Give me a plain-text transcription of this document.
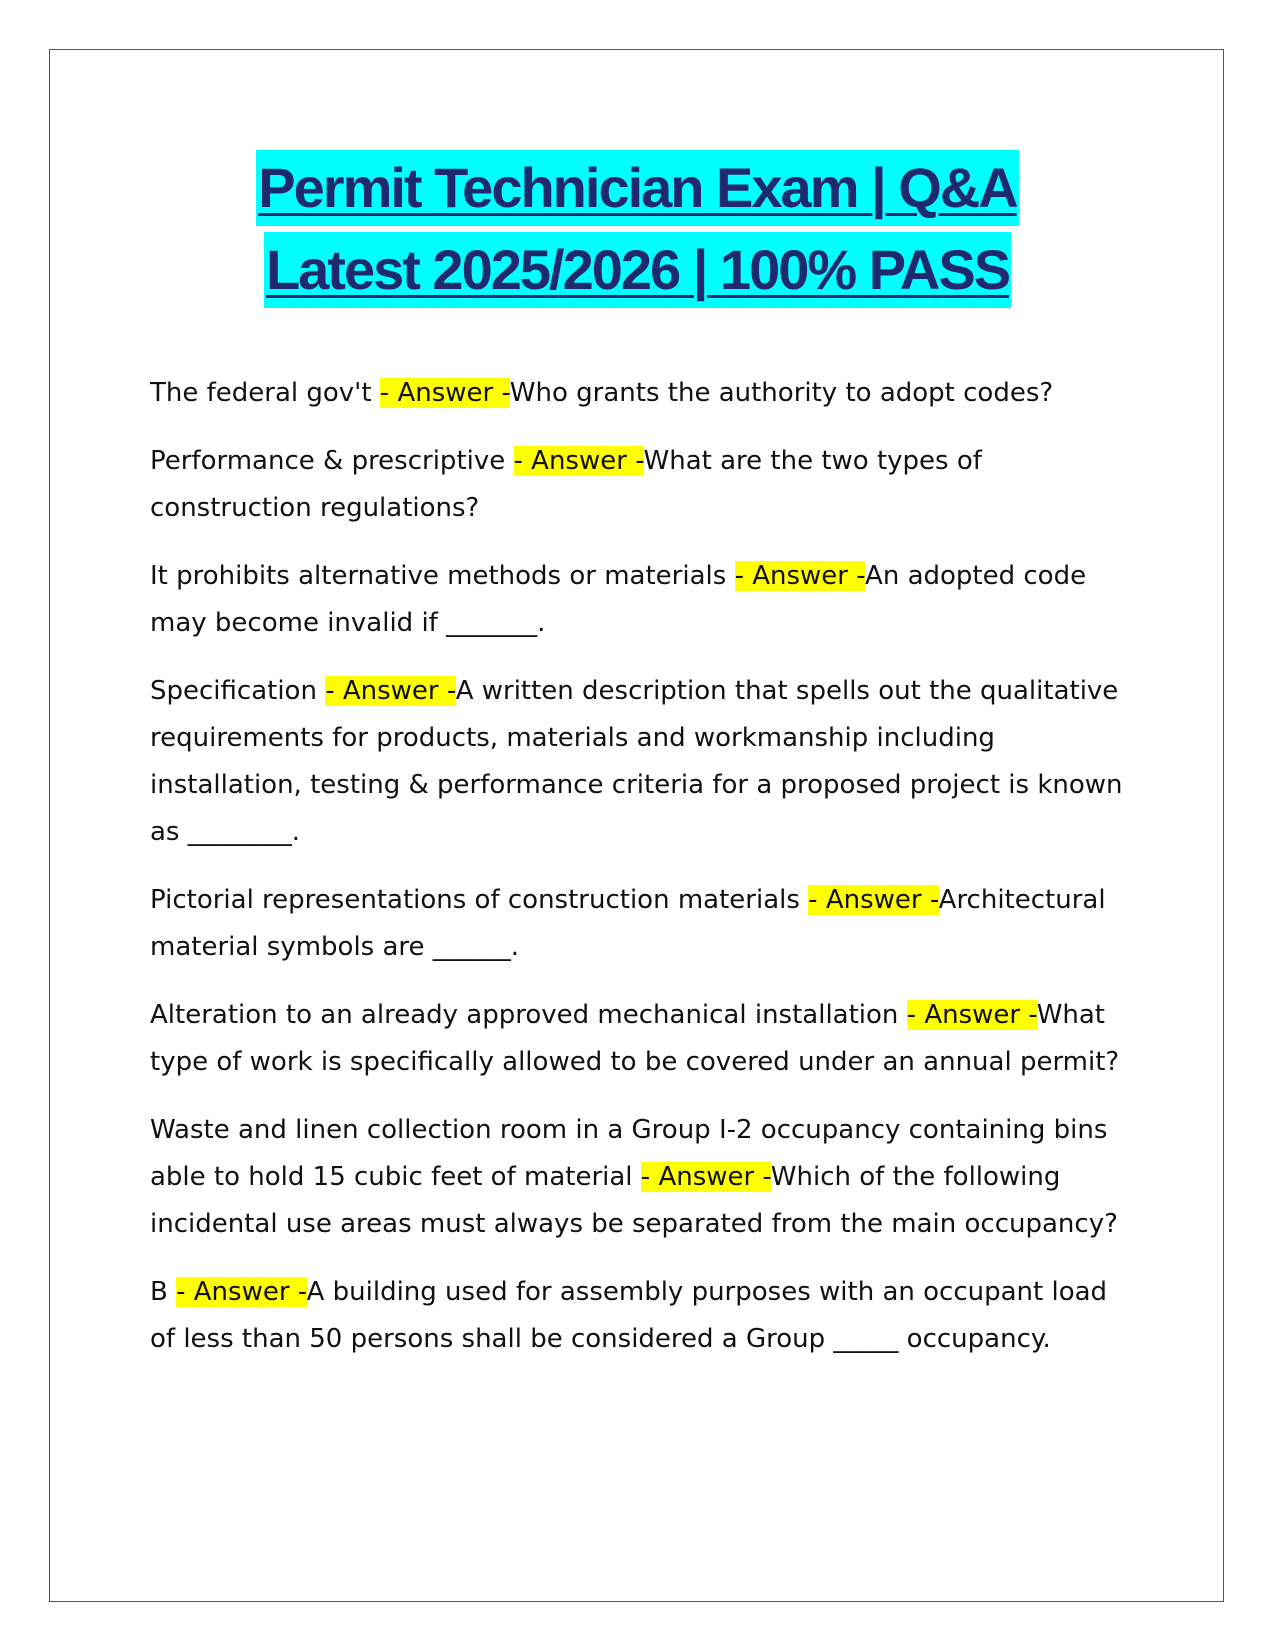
Permit Technician Exam | Q&A
Latest 2025/2026 | 100% PASS

The federal gov't - Answer -Who grants the authority to adopt codes?

Performance & prescriptive - Answer -What are the two types of construction regulations?

It prohibits alternative methods or materials - Answer -An adopted code may become invalid if _______.

Specification - Answer -A written description that spells out the qualitative requirements for products, materials and workmanship including installation, testing & performance criteria for a proposed project is known as ________.

Pictorial representations of construction materials - Answer -Architectural material symbols are ______.

Alteration to an already approved mechanical installation - Answer -What type of work is specifically allowed to be covered under an annual permit?

Waste and linen collection room in a Group I-2 occupancy containing bins able to hold 15 cubic feet of material - Answer -Which of the following incidental use areas must always be separated from the main occupancy?

B - Answer -A building used for assembly purposes with an occupant load of less than 50 persons shall be considered a Group _____ occupancy.
